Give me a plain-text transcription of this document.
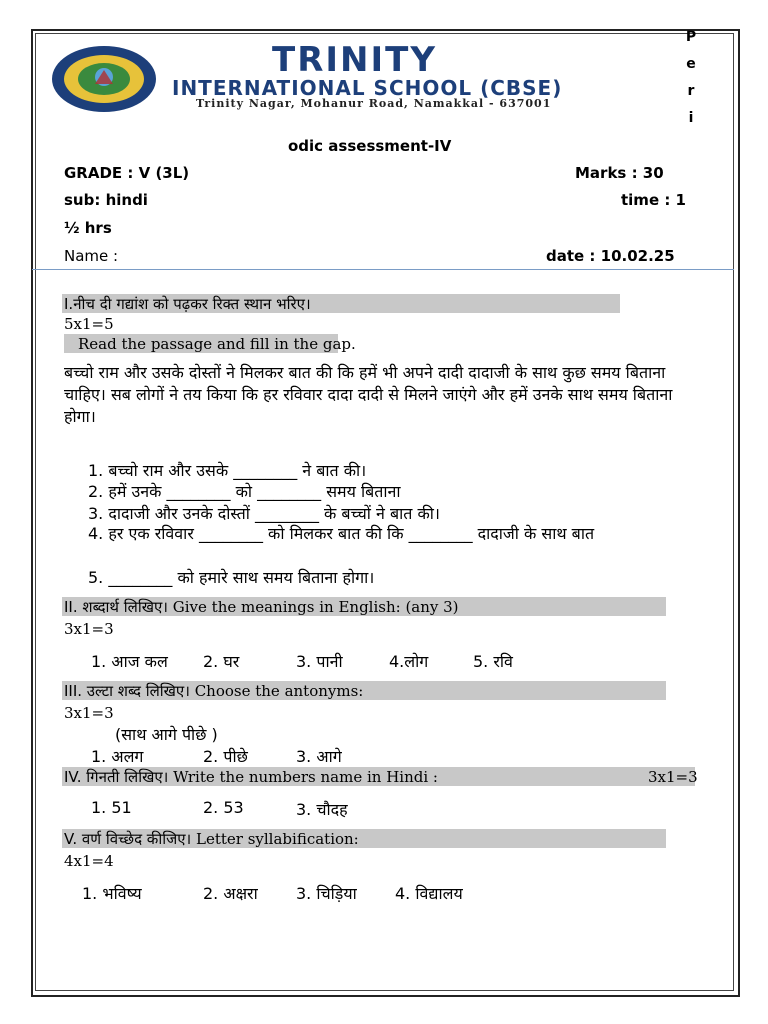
TRINITY
INTERNATIONAL SCHOOL (CBSE)
Trinity Nagar, Mohanur Road, Namakkal - 637001
P
e
r
i
odic assessment-IV
GRADE : V (3L)	Marks : 30
sub: hindi	time : 1
½ hrs
Name :	date : 10.02.25
I.नीच दी गद्यांश को पढ़कर रिक्त स्थान भरिए।
5x1=5
Read the passage and fill in the gap.
बच्चो राम और उसके दोस्तों ने मिलकर बात की कि हमें भी अपने दादी दादाजी के साथ कुछ समय बिताना चाहिए। सब लोगों ने तय किया कि हर रविवार दादा दादी से मिलने जाएंगे और हमें उनके साथ समय बिताना होगा।
1. बच्चो राम और उसके ________ ने बात की।
2. हमें उनके ________ को ________ समय बिताना
3. दादाजी और उनके दोस्तों ________ के बच्चों ने बात की।
4. हर एक रविवार ________ को मिलकर बात की कि ________ दादाजी के साथ बात
5. ________ को हमारे साथ समय बिताना होगा।
II. शब्दार्थ लिखिए। Give the meanings in English: (any 3)
3x1=3
1. आज कल 2. घर	3. पानी	4.लोग	5. रवि
III. उल्टा शब्द लिखिए। Choose the antonyms:
3x1=3
(साथ आगे पीछे )
1. अलग	2. पीछे	3. आगे
IV. गिनती लिखिए। Write the numbers name in Hindi :	3x1=3
1. 51	2. 53	3. चौदह
V. वर्ण विच्छेद कीजिए। Letter syllabification:
4x1=4
1. भविष्य	2. अक्षरा 3. चिड़िया 4. विद्यालय
